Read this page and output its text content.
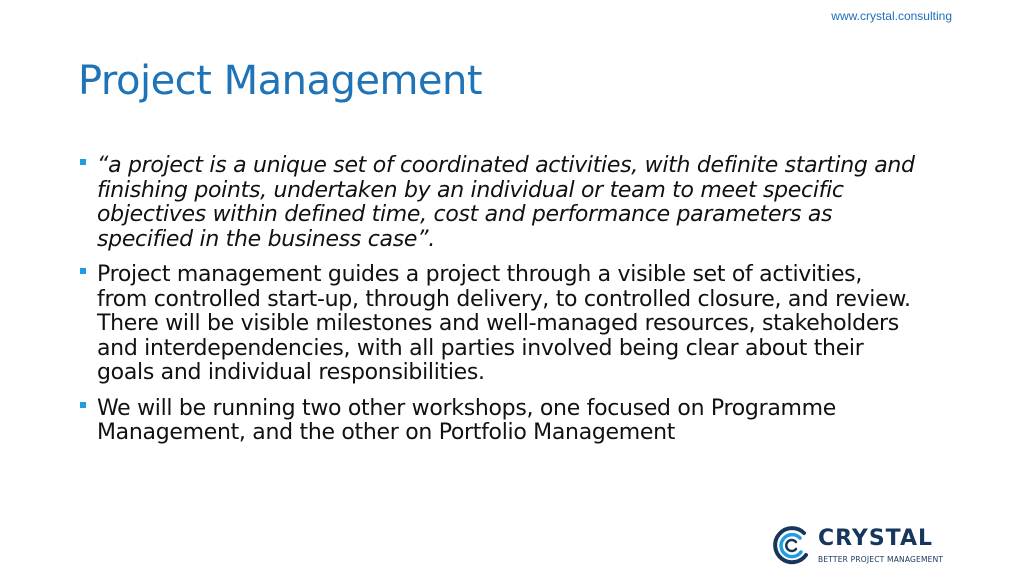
www.crystal.consulting
Project Management
“a project is a unique set of coordinated activities, with definite starting and finishing points, undertaken by an individual or team to meet specific objectives within defined time, cost and performance parameters as specified in the business case”.
Project management guides a project through a visible set of activities, from controlled start-up, through delivery, to controlled closure, and review. There will be visible milestones and well-managed resources, stakeholders and interdependencies, with all parties involved being clear about their goals and individual responsibilities.
We will be running two other workshops, one focused on Programme Management, and the other on Portfolio Management
CRYSTAL
BETTER PROJECT MANAGEMENT
